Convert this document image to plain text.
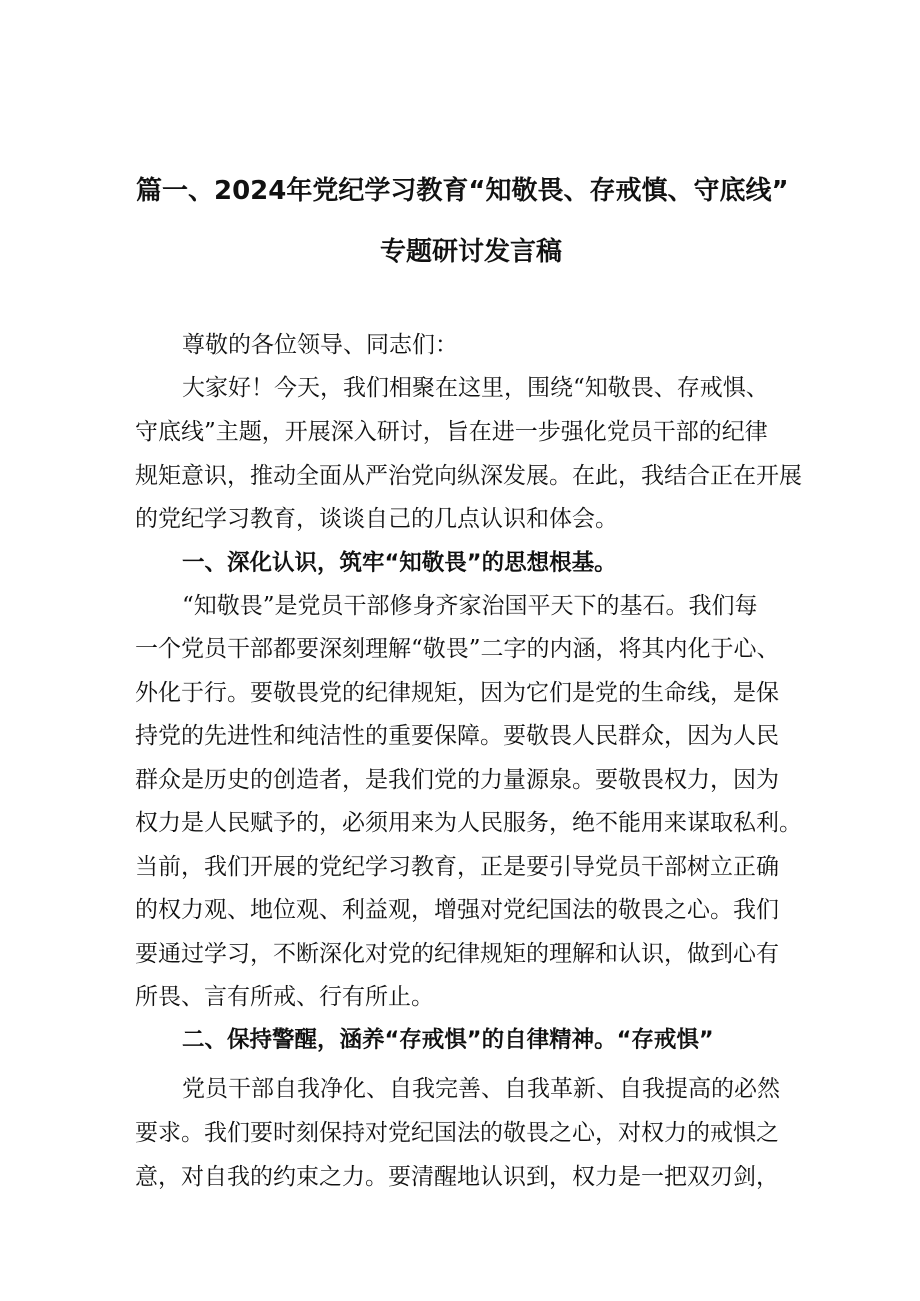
篇一、2024年党纪学习教育“知敬畏、存戒慎、守底线”
专题研讨发言稿

尊敬的各位领导、同志们：

大家好！今天，我们相聚在这里，围绕“知敬畏、存戒惧、

守底线”主题，开展深入研讨，旨在进一步强化党员干部的纪律

规矩意识，推动全面从严治党向纵深发展。在此，我结合正在开展

的党纪学习教育，谈谈自己的几点认识和体会。

一、深化认识，筑牢“知敬畏”的思想根基。

“知敬畏”是党员干部修身齐家治国平天下的基石。我们每

一个党员干部都要深刻理解“敬畏”二字的内涵，将其内化于心、

外化于行。要敬畏党的纪律规矩，因为它们是党的生命线，是保

持党的先进性和纯洁性的重要保障。要敬畏人民群众，因为人民

群众是历史的创造者，是我们党的力量源泉。要敬畏权力，因为

权力是人民赋予的，必须用来为人民服务，绝不能用来谋取私利。

当前，我们开展的党纪学习教育，正是要引导党员干部树立正确

的权力观、地位观、利益观，增强对党纪国法的敬畏之心。我们

要通过学习，不断深化对党的纪律规矩的理解和认识，做到心有

所畏、言有所戒、行有所止。

二、保持警醒，涵养“存戒惧”的自律精神。“存戒惧”

党员干部自我净化、自我完善、自我革新、自我提高的必然

要求。我们要时刻保持对党纪国法的敬畏之心，对权力的戒惧之

意，对自我的约束之力。要清醒地认识到，权力是一把双刃剑，
